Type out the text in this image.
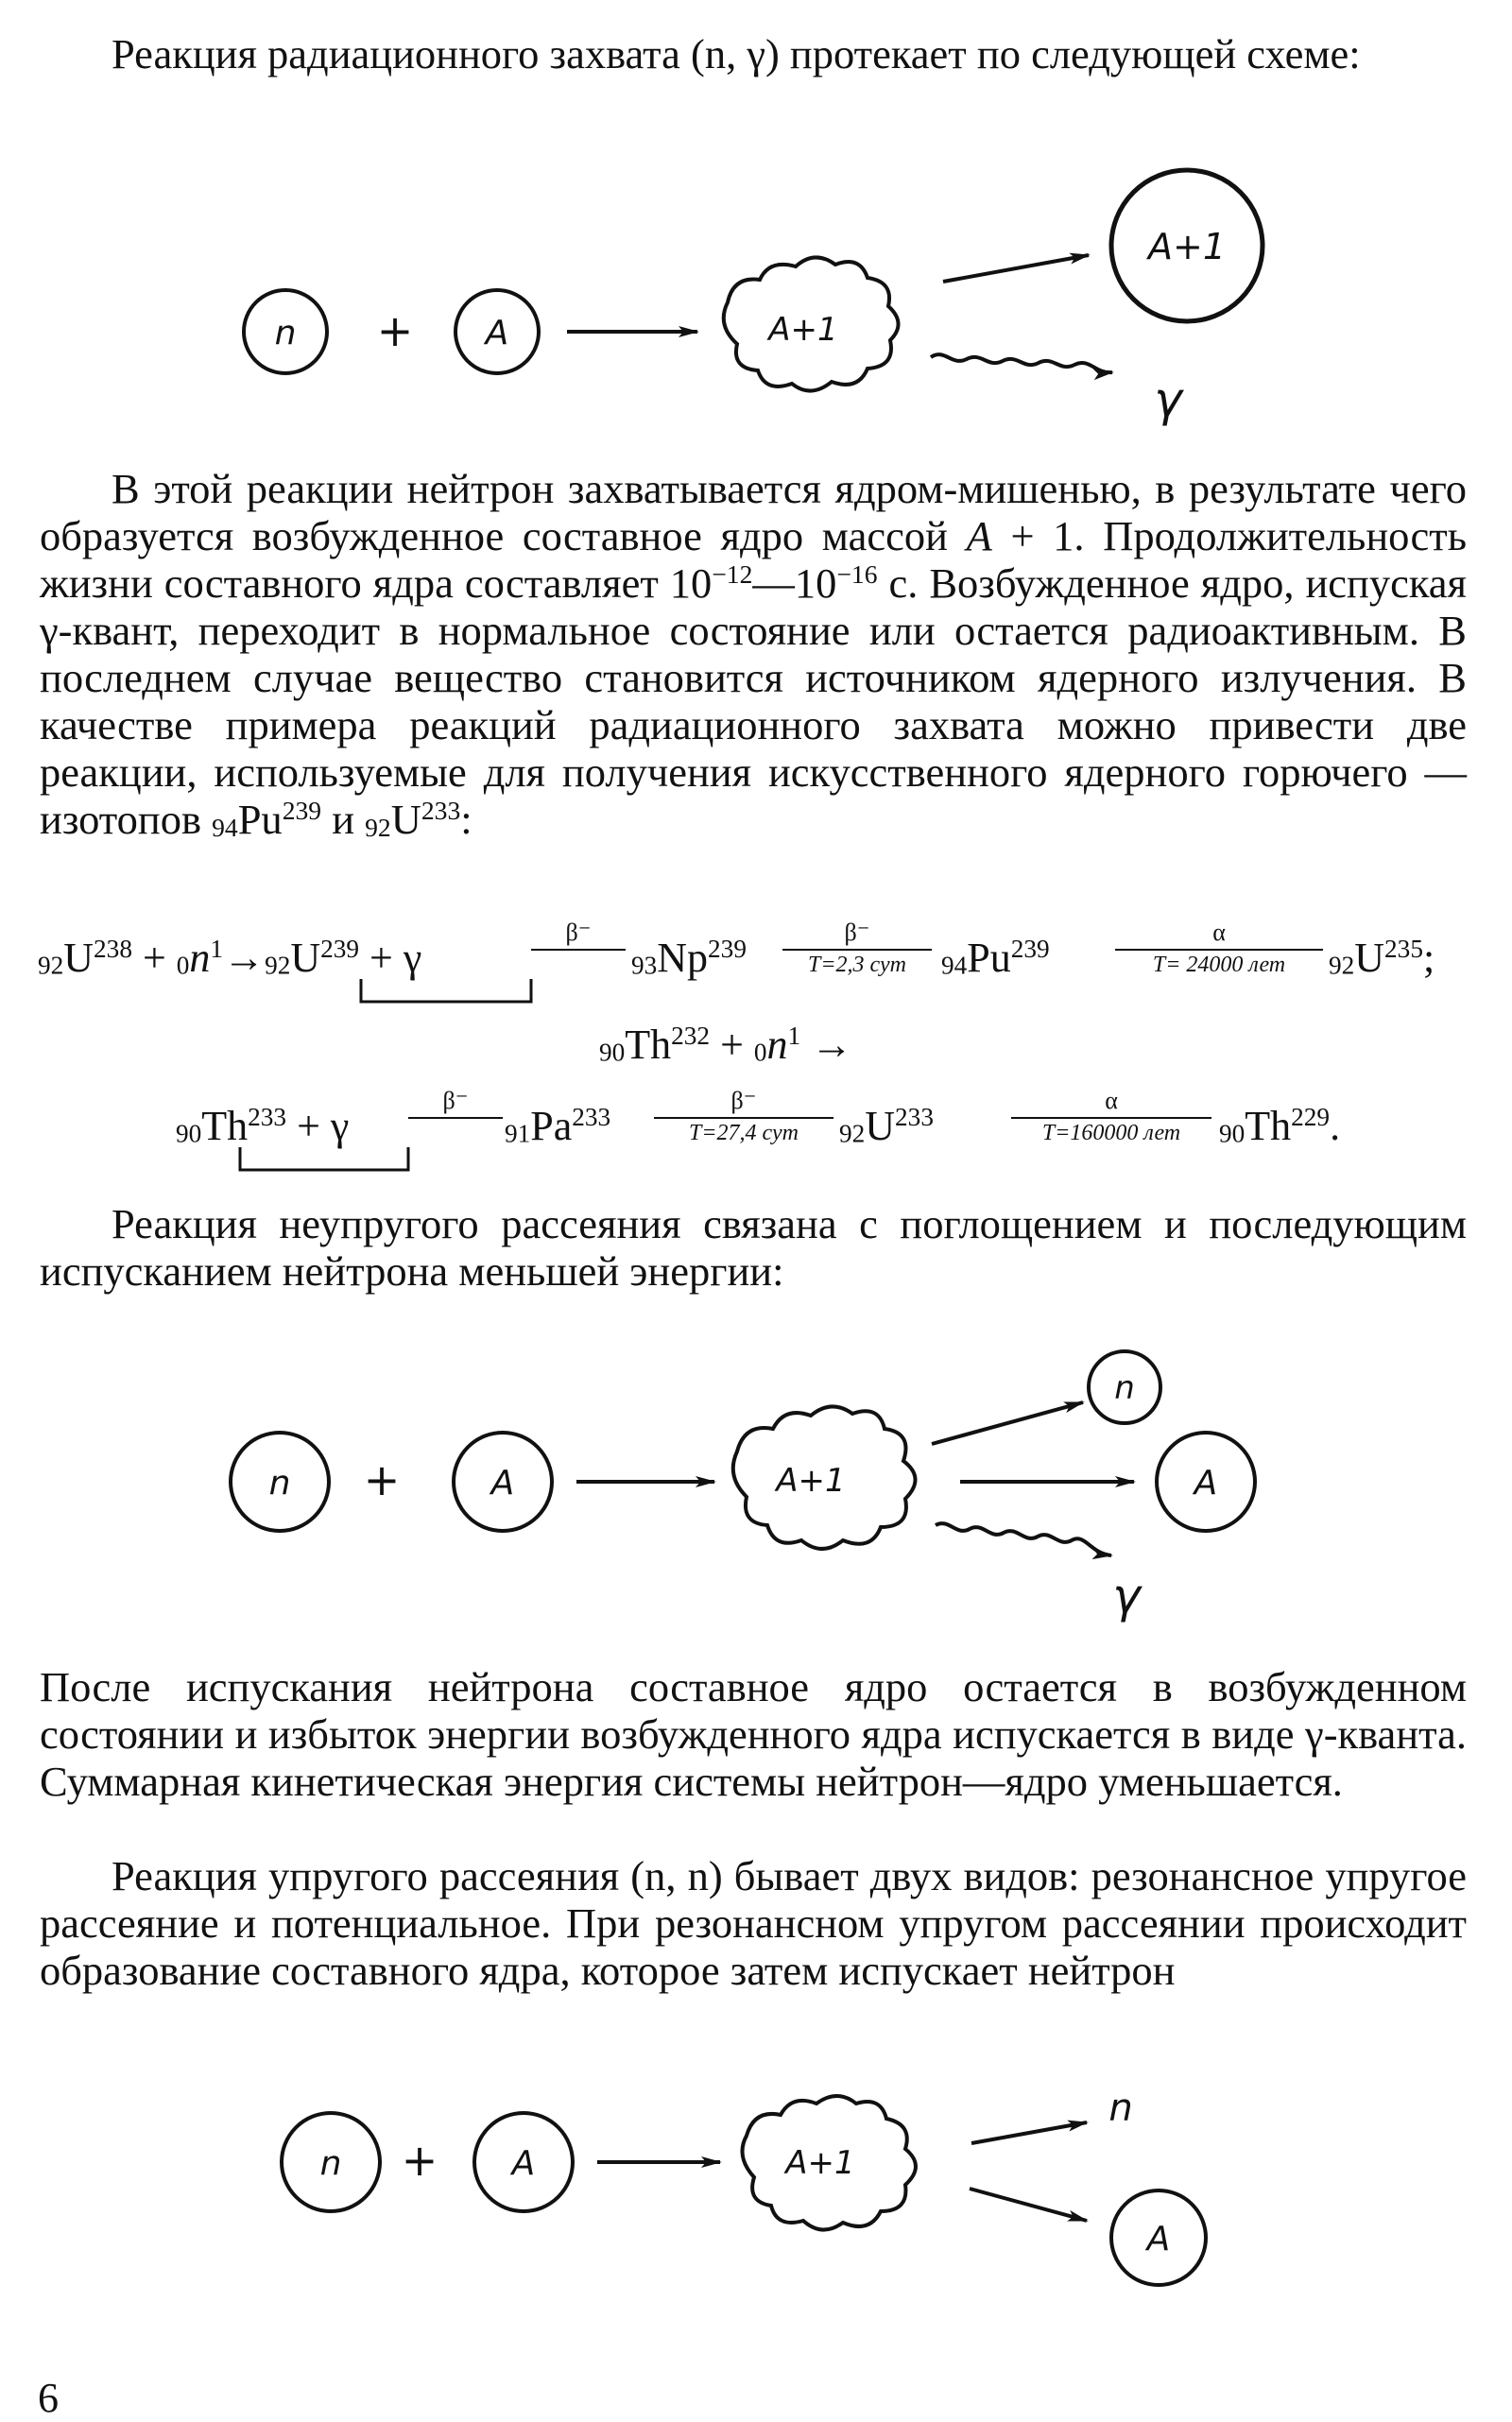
Реакция радиационного захвата (n, γ) протекает по следующей схеме:

n + A	A+1
A+1
γ

В этой реакции нейтрон захватывается ядром-мишенью, в результате чего образуется возбужденное составное ядро массой A + 1. Продолжительность жизни составного ядра составляет $10^{-12}—10^{-16}$ с. Возбужденное ядро, испуская γ-квант, переходит в нормальное состояние или остается радиоактивным. В последнем случае вещество становится источником ядерного излучения. В качестве примера реакций радиационного захвата можно привести две реакции, используемые для получения искусственного ядерного горючего — изотопов $_{94}Pu^{239}$ и $_{92}U^{233}$:

$_{92}U^{238} + _0n^1\to_{92}U^{239} + \gamma$
β⁻
$_{93}Np^{239}$
β⁻
T=2,3 сут	$_{94}Pu^{239}$
α
T= 24000 лет	$_{92}U^{235}$;
$_{90}Th^{232} + _0n^1$ →
$_{90}Th^{233} + \gamma$
β⁻
$_{91}Pa^{233}$
β⁻
T=27,4 сут	$_{92}U^{233}$
α
T=160000 лет	$_{90}Th^{229}$.

Реакция неупругого рассеяния связана с поглощением и последующим испусканием нейтрона меньшей энергии:

n +	A	A+1
n
A
γ

После испускания нейтрона составное ядро остается в возбужденном состоянии и избыток энергии возбужденного ядра испускается в виде γ-кванта. Суммарная кинетическая энергия системы нейтрон—ядро уменьшается.

Реакция упругого рассеяния (n, n) бывает двух видов: резонансное упругое рассеяние и потенциальное. При резонансном упругом рассеянии происходит образование составного ядра, которое затем испускает нейтрон

n + A	A+1
n
A
6
